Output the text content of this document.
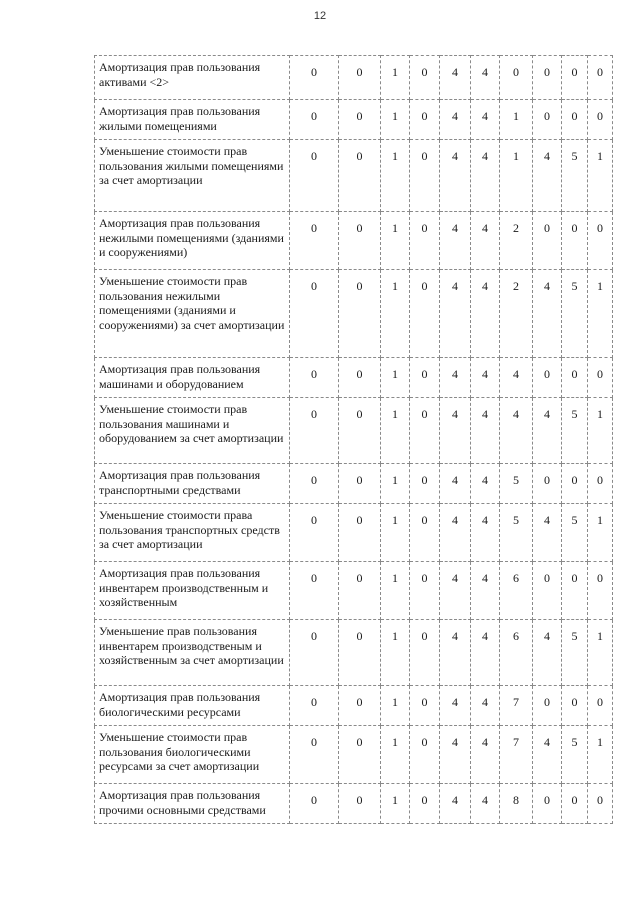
12
Амортизация прав пользования активами <2>	0	0	1	0	4	4	0	0	0	0
Амортизация прав пользования жилыми помещениями	0	0	1	0	4	4	1	0	0	0
Уменьшение стоимости прав пользования жилыми помещениями за счет амортизации	0	0	1	0	4	4	1	4	5	1
Амортизация прав пользования нежилыми помещениями (зданиями и сооружениями)	0	0	1	0	4	4	2	0	0	0
Уменьшение стоимости прав пользования нежилыми помещениями (зданиями и сооружениями) за счет амортизации	0	0	1	0	4	4	2	4	5	1
Амортизация прав пользования машинами и оборудованием	0	0	1	0	4	4	4	0	0	0
Уменьшение стоимости прав пользования машинами и оборудованием за счет амортизации	0	0	1	0	4	4	4	4	5	1
Амортизация прав пользования транспортными средствами	0	0	1	0	4	4	5	0	0	0
Уменьшение стоимости права пользования транспортных средств за счет амортизации	0	0	1	0	4	4	5	4	5	1
Амортизация прав пользования инвентарем производственным и хозяйственным	0	0	1	0	4	4	6	0	0	0
Уменьшение прав пользования инвентарем производственым и хозяйственным за счет амортизации	0	0	1	0	4	4	6	4	5	1
Амортизация прав пользования биологическими ресурсами	0	0	1	0	4	4	7	0	0	0
Уменьшение стоимости прав пользования биологическими ресурсами за счет амортизации	0	0	1	0	4	4	7	4	5	1
Амортизация прав пользования прочими основными средствами	0	0	1	0	4	4	8	0	0	0
